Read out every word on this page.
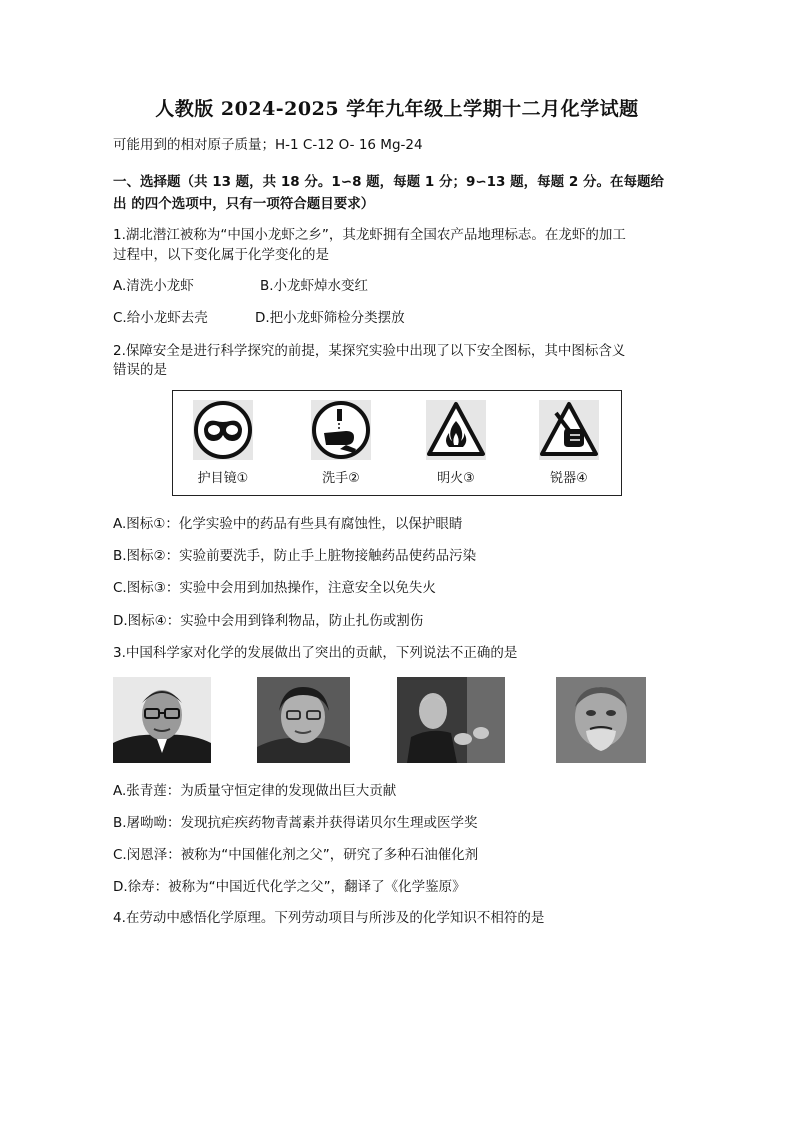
人教版 2024-2025 学年九年级上学期十二月化学试题
可能用到的相对原子质量；H-1 C-12 O- 16 Mg-24
一、选择题（共 13 题，共 18 分。1∽8 题，每题 1 分；9∽13 题，每题 2 分。在每题给
出 的四个选项中，只有一项符合题目要求）
1.湖北潜江被称为“中国小龙虾之乡”，其龙虾拥有全国农产品地理标志。在龙虾的加工
过程中，以下变化属于化学变化的是
A.清洗小龙虾	B.小龙虾焯水变红
C.给小龙虾去壳	D.把小龙虾筛检分类摆放
2.保障安全是进行科学探究的前提，某探究实验中出现了以下安全图标，其中图标含义
错误的是
护目镜①	洗手②	明火③	锐器④
A.图标①：化学实验中的药品有些具有腐蚀性，以保护眼睛
B.图标②：实验前要洗手，防止手上脏物接触药品使药品污染
C.图标③：实验中会用到加热操作，注意安全以免失火
D.图标④：实验中会用到锋利物品，防止扎伤或割伤
3.中国科学家对化学的发展做出了突出的贡献，下列说法不正确的是
A.张青莲：为质量守恒定律的发现做出巨大贡献
B.屠呦呦：发现抗疟疾药物青蒿素并获得诺贝尔生理或医学奖
C.闵恩泽：被称为“中国催化剂之父”，研究了多种石油催化剂
D.徐寿：被称为“中国近代化学之父”，翻译了《化学鉴原》
4.在劳动中感悟化学原理。下列劳动项目与所涉及的化学知识不相符的是
